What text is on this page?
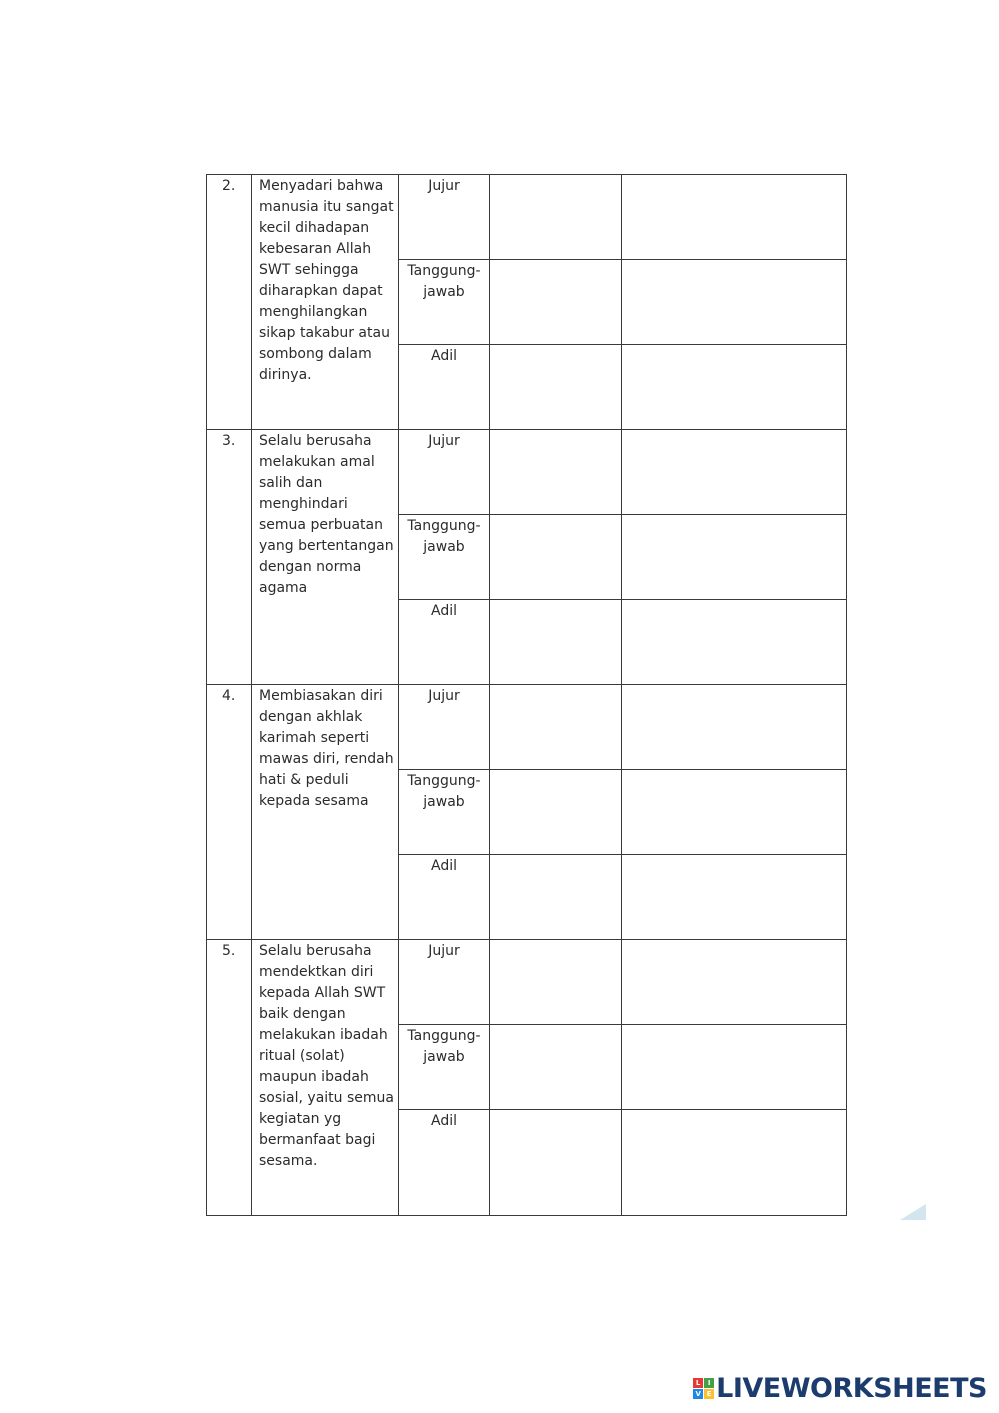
2.	Menyadari bahwa manusia itu sangat kecil dihadapan kebesaran Allah SWT sehingga diharapkan dapat menghilangkan sikap takabur atau sombong dalam dirinya.	Jujur		
		Tanggung-
jawab		
		Adil		
3.	Selalu berusaha melakukan amal salih dan menghindari semua perbuatan yang bertentangan dengan norma agama	Jujur		
		Tanggung-
jawab		
		Adil		
4.	Membiasakan diri dengan akhlak karimah seperti mawas diri, rendah hati & peduli kepada sesama	Jujur		
		Tanggung-
jawab		
		Adil		
5.	Selalu berusaha mendektkan diri kepada Allah SWT baik dengan melakukan ibadah ritual (solat) maupun ibadah sosial, yaitu semua kegiatan yg bermanfaat bagi sesama.	Jujur		
		Tanggung-
jawab		
		Adil		
L	I
V E LIVEWORKSHEETS
